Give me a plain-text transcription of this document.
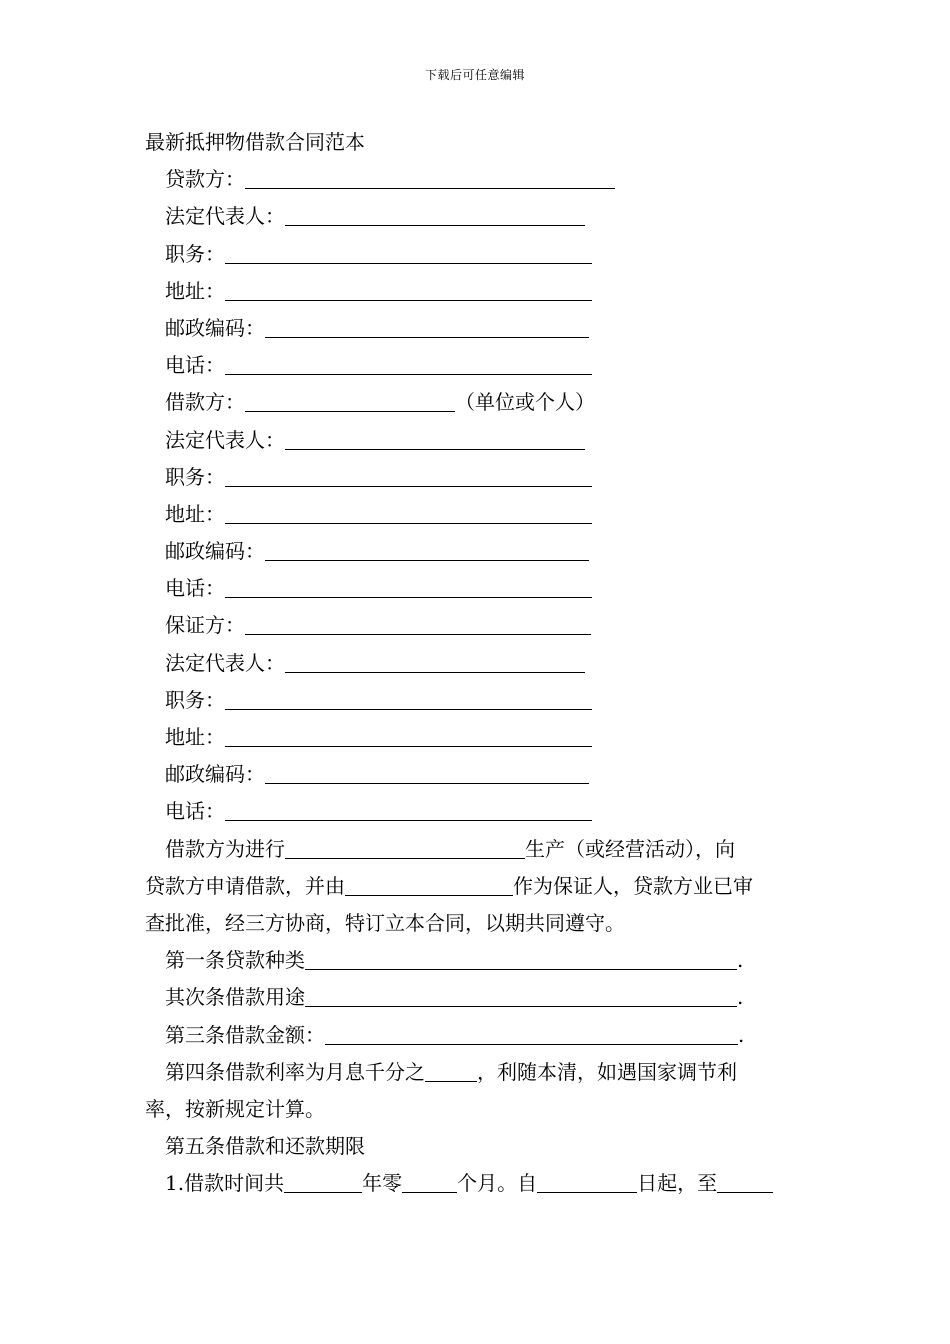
下载后可任意编辑
最新抵押物借款合同范本
贷款方：
法定代表人：
职务：
地址：
邮政编码：
电话：
借款方：	（单位或个人）
法定代表人：
职务：
地址：
邮政编码：
电话：
保证方：
法定代表人：
职务：
地址：
邮政编码：
电话：
借款方为进行	生产（或经营活动），向
贷款方申请借款，并由	作为保证人，贷款方业已审
查批准，经三方协商，特订立本合同，以期共同遵守。
第一条贷款种类	.
其次条借款用途	.
第三条借款金额：	.
第四条借款利率为月息千分之	，利随本清，如遇国家调节利
率，按新规定计算。
第五条借款和还款期限
1.借款时间共	年零	个月。自	日起，至
